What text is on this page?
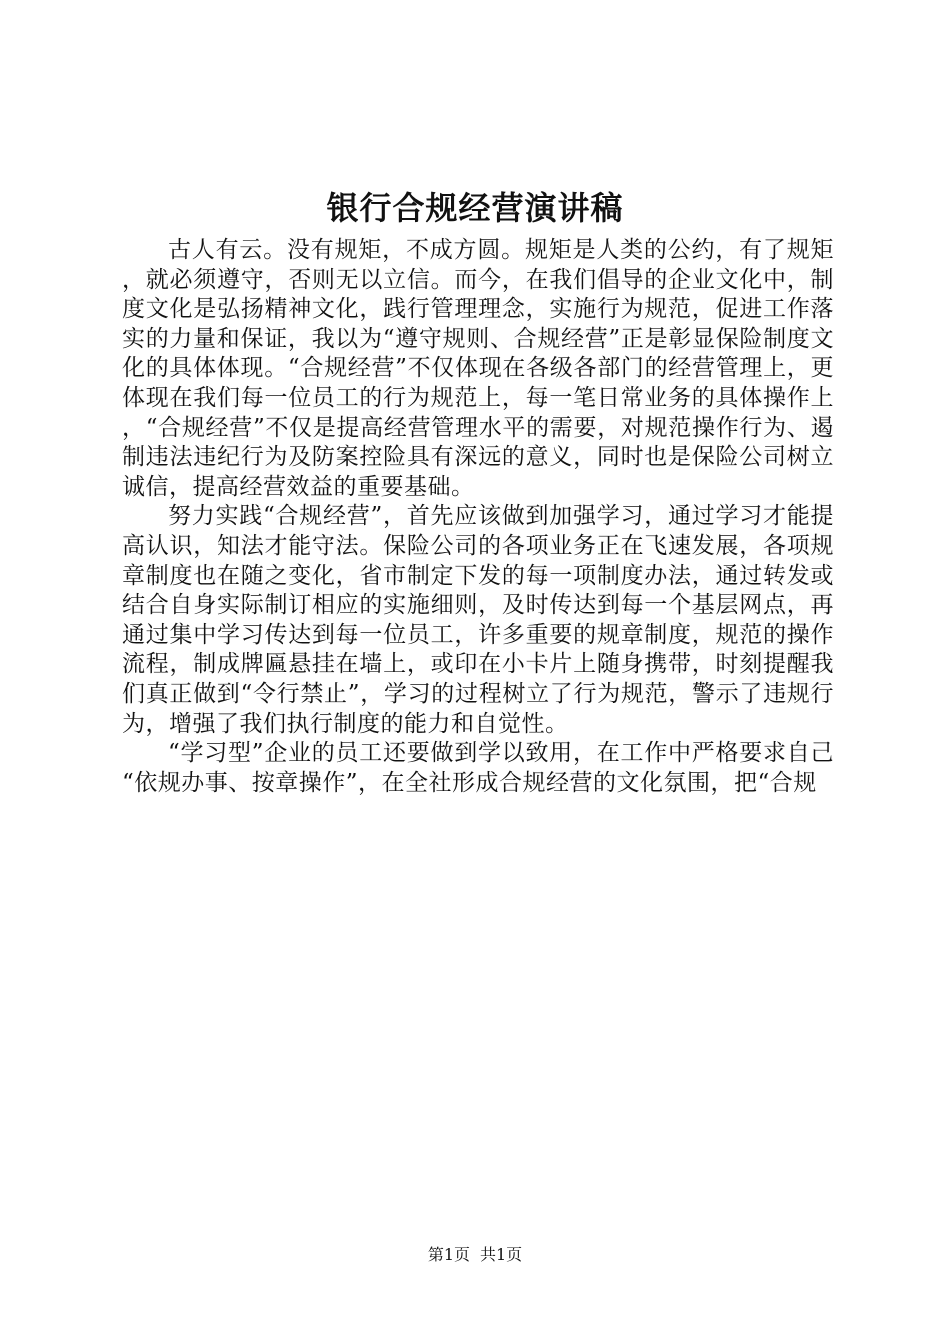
银行合规经营演讲稿

古人有云。没有规矩，不成方圆。规矩是人类的公约，有了规矩，就必须遵守，否则无以立信。而今，在我们倡导的企业文化中，制度文化是弘扬精神文化，践行管理理念，实施行为规范，促进工作落实的力量和保证，我以为“遵守规则、合规经营”正是彰显保险制度文化的具体体现。“合规经营”不仅体现在各级各部门的经营管理上，更体现在我们每一位员工的行为规范上，每一笔日常业务的具体操作上，“合规经营”不仅是提高经营管理水平的需要，对规范操作行为、遏制违法违纪行为及防案控险具有深远的意义，同时也是保险公司树立诚信，提高经营效益的重要基础。

努力实践“合规经营”，首先应该做到加强学习，通过学习才能提高认识，知法才能守法。保险公司的各项业务正在飞速发展，各项规章制度也在随之变化，省市制定下发的每一项制度办法，通过转发或结合自身实际制订相应的实施细则，及时传达到每一个基层网点，再通过集中学习传达到每一位员工，许多重要的规章制度，规范的操作流程，制成牌匾悬挂在墙上，或印在小卡片上随身携带，时刻提醒我们真正做到“令行禁止”，学习的过程树立了行为规范，警示了违规行为，增强了我们执行制度的能力和自觉性。

“学习型”企业的员工还要做到学以致用，在工作中严格要求自己“依规办事、按章操作”，在全社形成合规经营的文化氛围，把“合规

第1页 共1页
